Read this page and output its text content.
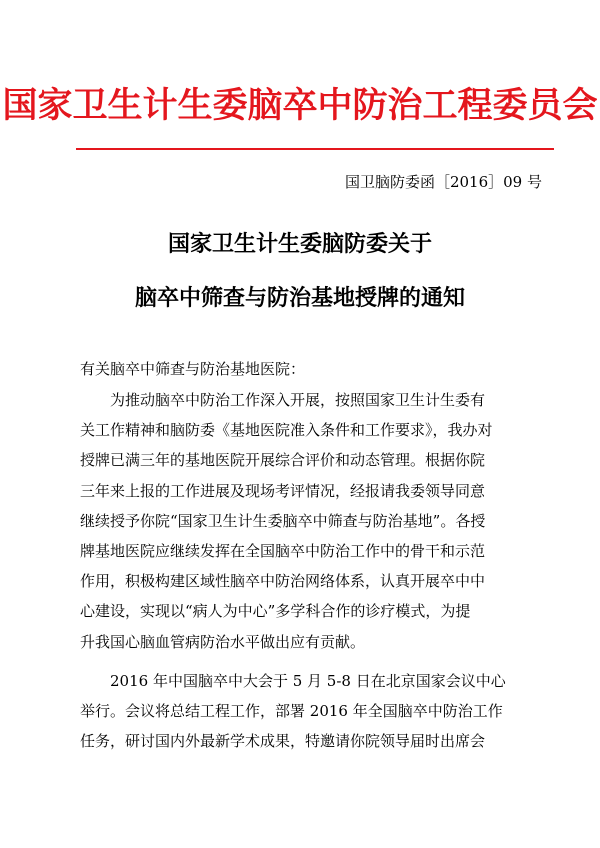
国家卫生计生委脑卒中防治工程委员会
国卫脑防委函［2016］09 号
国家卫生计生委脑防委关于
脑卒中筛查与防治基地授牌的通知
有关脑卒中筛查与防治基地医院：
为推动脑卒中防治工作深入开展，按照国家卫生计生委有
关工作精神和脑防委《基地医院准入条件和工作要求》，我办对
授牌已满三年的基地医院开展综合评价和动态管理。根据你院
三年来上报的工作进展及现场考评情况，经报请我委领导同意
继续授予你院“国家卫生计生委脑卒中筛查与防治基地”。各授
牌基地医院应继续发挥在全国脑卒中防治工作中的骨干和示范
作用，积极构建区域性脑卒中防治网络体系，认真开展卒中中
心建设，实现以“病人为中心”多学科合作的诊疗模式，为提
升我国心脑血管病防治水平做出应有贡献。
2016 年中国脑卒中大会于 5 月 5-8 日在北京国家会议中心
举行。会议将总结工程工作，部署 2016 年全国脑卒中防治工作
任务，研讨国内外最新学术成果，特邀请你院领导届时出席会
